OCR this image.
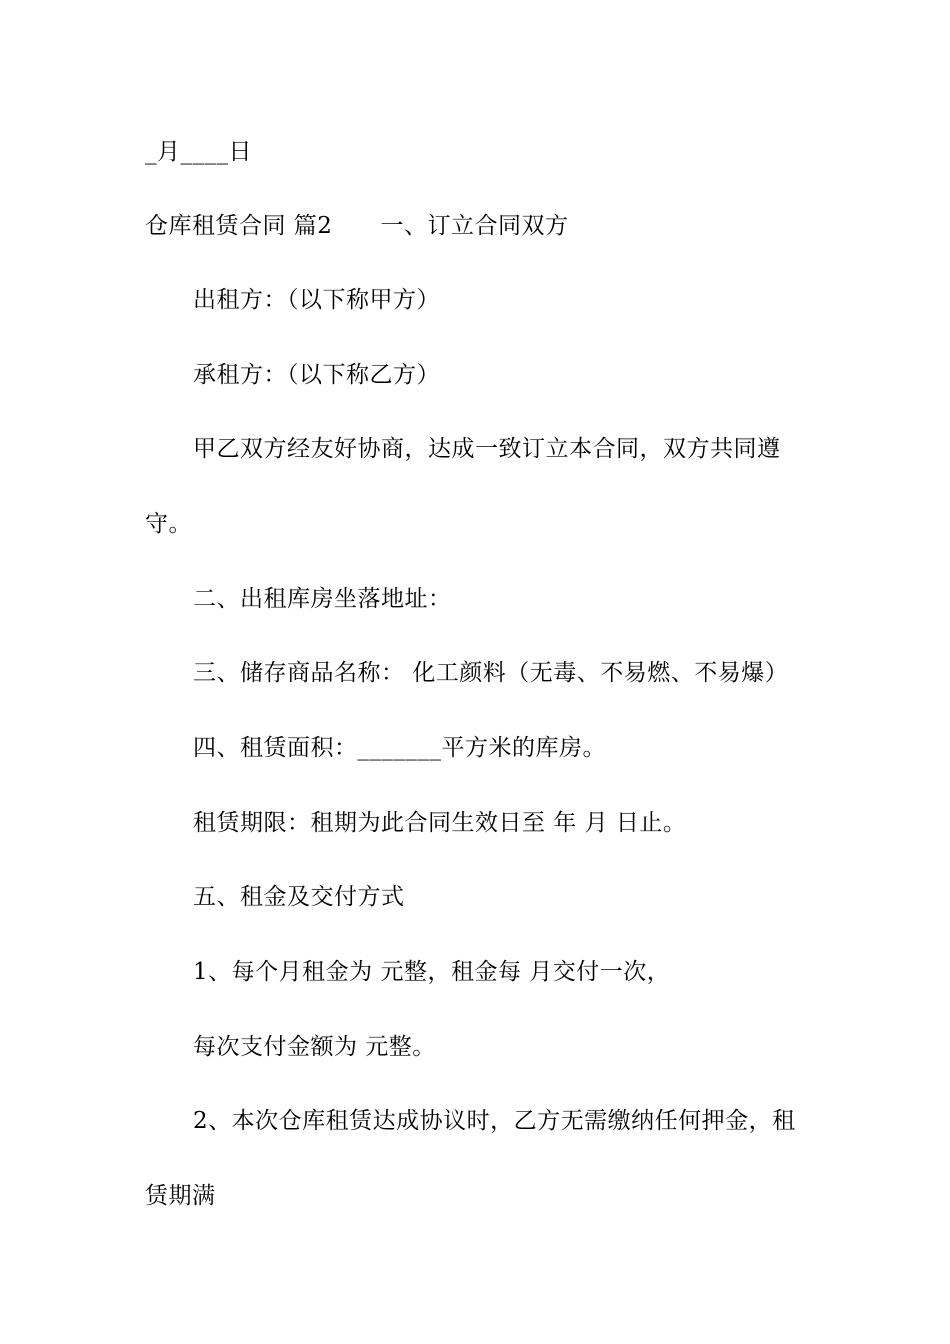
_月____日
仓库租赁合同 篇2 一、订立合同双方
出租方：（以下称甲方）
承租方：（以下称乙方）
甲乙双方经友好协商，达成一致订立本合同，双方共同遵
守。
二、出租库房坐落地址：
三、储存商品名称： 化工颜料（无毒、不易燃、不易爆）
四、租赁面积：_______平方米的库房。
租赁期限：租期为此合同生效日至 年 月 日止。
五、租金及交付方式
1、每个月租金为 元整，租金每 月交付一次，
每次支付金额为 元整。
2、本次仓库租赁达成协议时，乙方无需缴纳任何押金，租
赁期满
